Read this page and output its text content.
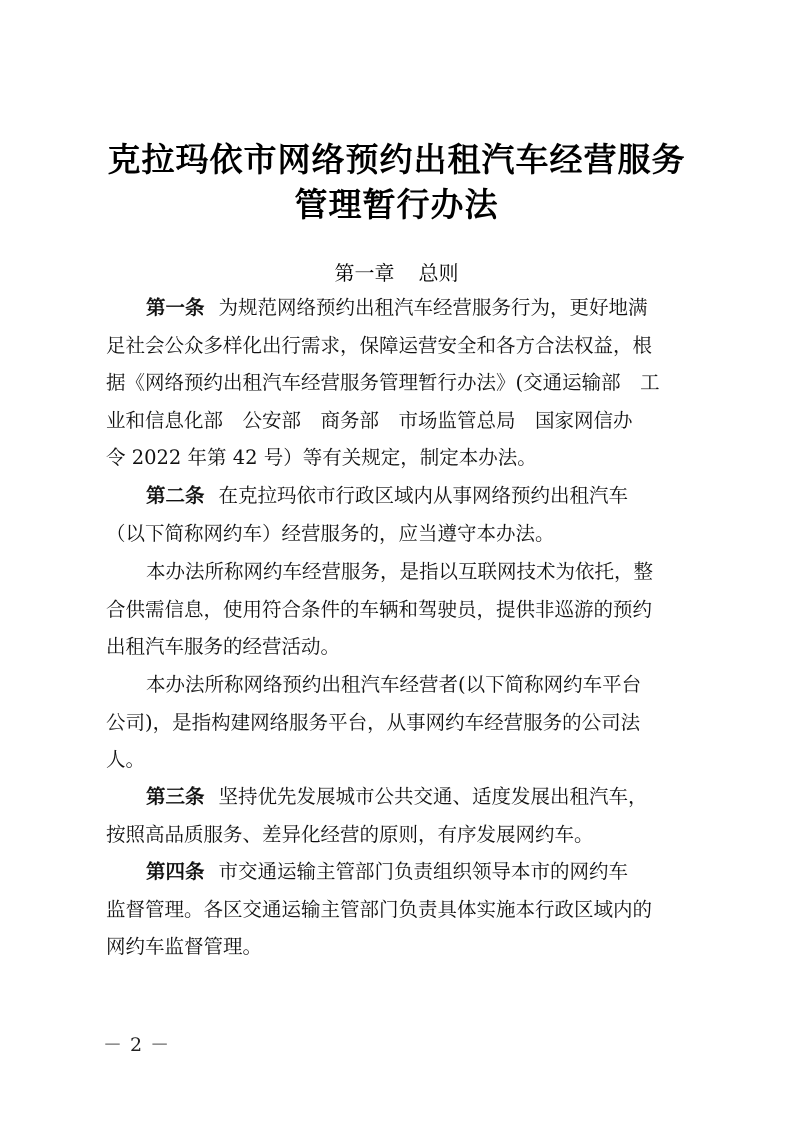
克拉玛依市网络预约出租汽车经营服务
管理暂行办法
第一章 总则
第一条 为规范网络预约出租汽车经营服务行为，更好地满
足社会公众多样化出行需求，保障运营安全和各方合法权益，根
据《网络预约出租汽车经营服务管理暂行办法》(交通运输部　工
业和信息化部　公安部　商务部　市场监管总局　国家网信办
令 2022 年第 42 号）等有关规定，制定本办法。
第二条 在克拉玛依市行政区域内从事网络预约出租汽车
（以下简称网约车）经营服务的，应当遵守本办法。
本办法所称网约车经营服务，是指以互联网技术为依托，整
合供需信息，使用符合条件的车辆和驾驶员，提供非巡游的预约
出租汽车服务的经营活动。
本办法所称网络预约出租汽车经营者(以下简称网约车平台
公司)，是指构建网络服务平台，从事网约车经营服务的公司法
人。
第三条 坚持优先发展城市公共交通、适度发展出租汽车，
按照高品质服务、差异化经营的原则，有序发展网约车。
第四条 市交通运输主管部门负责组织领导本市的网约车
监督管理。各区交通运输主管部门负责具体实施本行政区域内的
网约车监督管理。
－ 2 －
